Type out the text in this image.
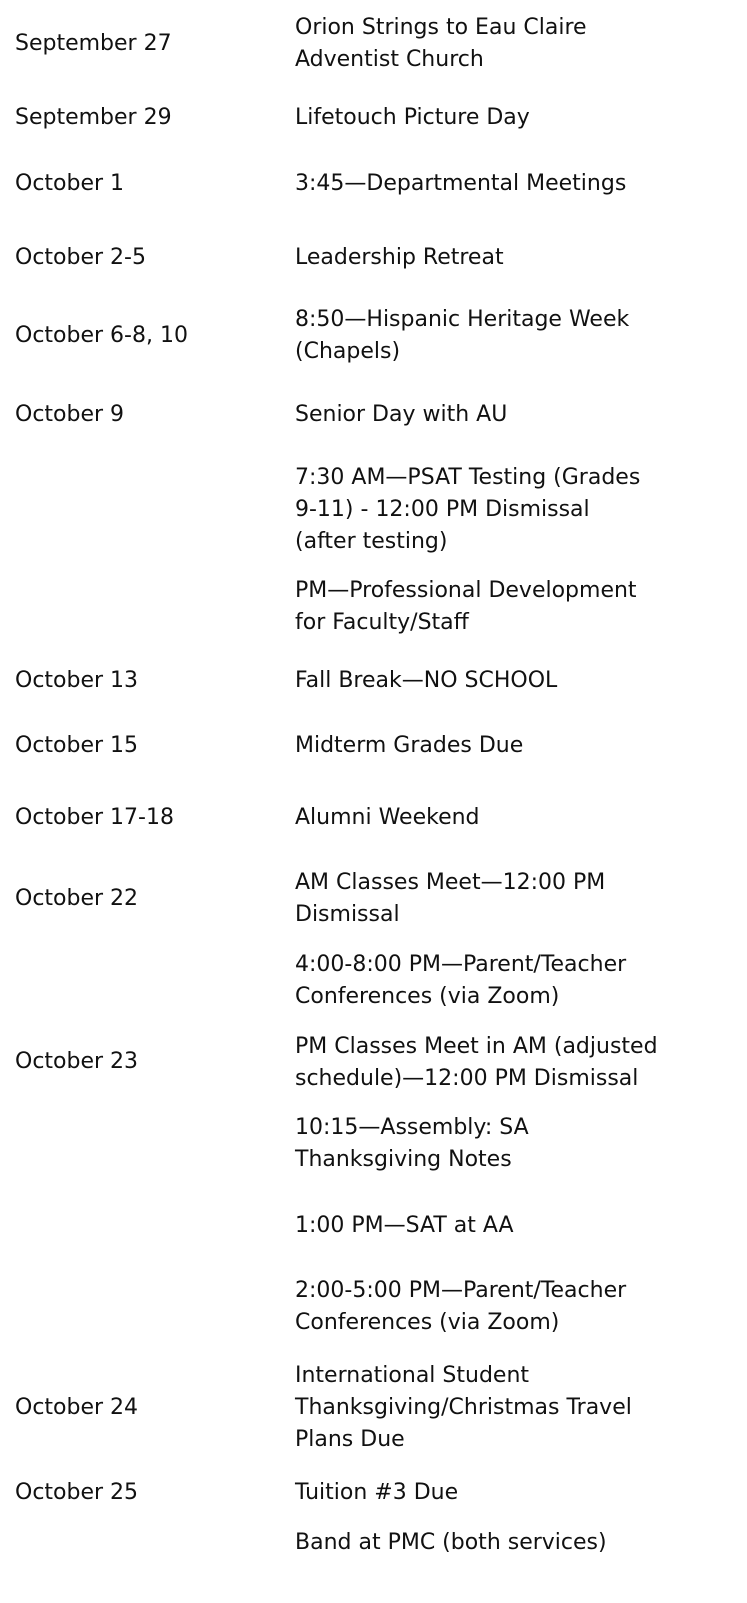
September 27

September 29

October 1

October 2-5

October 6-8, 10

October 9

October 13

October 15

October 17-18

October 22

October 23

October 24

October 25

Orion Strings to Eau Claire

Adventist Church

Lifetouch Picture Day

3:45—Departmental Meetings

Leadership Retreat

8:50—Hispanic Heritage Week

(Chapels)

Senior Day with AU

7:30 AM—PSAT Testing (Grades

9-11) - 12:00 PM Dismissal

(after testing)

PM—Professional Development

for Faculty/Staff

Fall Break—NO SCHOOL

Midterm Grades Due

Alumni Weekend

AM Classes Meet—12:00 PM

Dismissal

4:00-8:00 PM—Parent/Teacher

Conferences (via Zoom)

PM Classes Meet in AM (adjusted

schedule)—12:00 PM Dismissal

10:15—Assembly: SA

Thanksgiving Notes

1:00 PM—SAT at AA

2:00-5:00 PM—Parent/Teacher

Conferences (via Zoom)

International Student

Thanksgiving/Christmas Travel

Plans Due

Tuition #3 Due

Band at PMC (both services)
